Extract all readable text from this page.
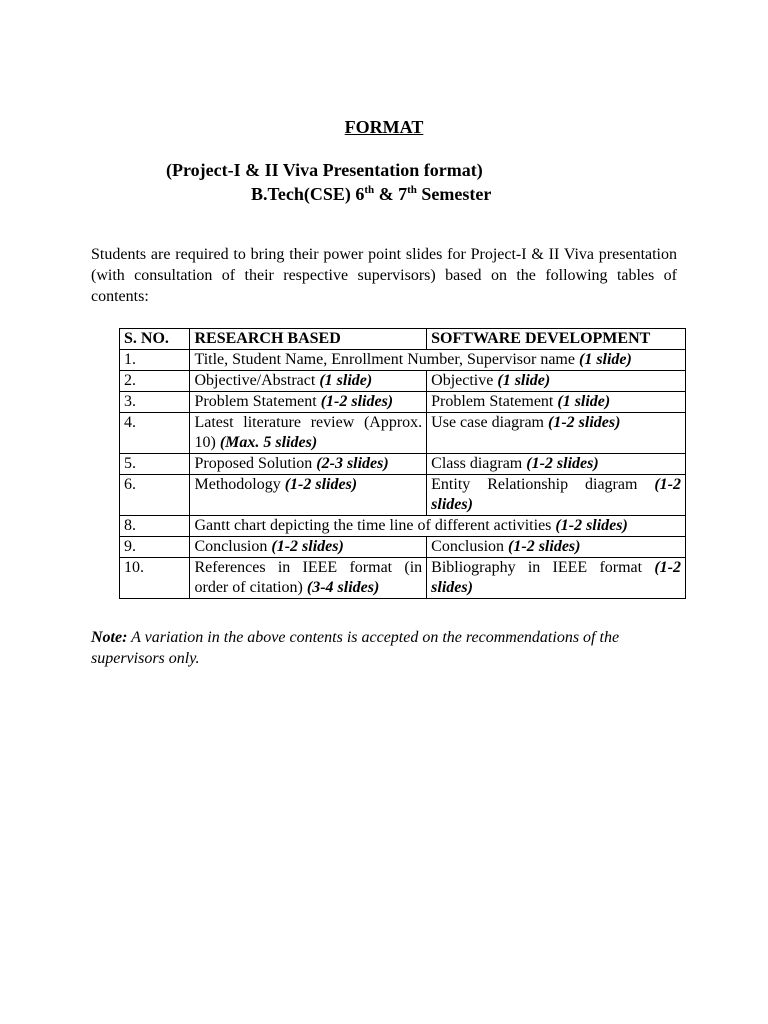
FORMAT
(Project-I & II Viva Presentation format)
B.Tech(CSE) 6th & 7th Semester
Students are required to bring their power point slides for Project-I & II Viva presentation (with consultation of their respective supervisors) based on the following tables of contents:
S. NO.	RESEARCH BASED	SOFTWARE DEVELOPMENT
1.	Title, Student Name, Enrollment Number, Supervisor name (1 slide)	
2.	Objective/Abstract (1 slide)	Objective (1 slide)
3.	Problem Statement (1-2 slides)	Problem Statement (1 slide)
4.	Latest literature review (Approx. 10) (Max. 5 slides)	Use case diagram (1-2 slides)
5.	Proposed Solution (2-3 slides)	Class diagram (1-2 slides)
6.	Methodology (1-2 slides)	Entity Relationship diagram (1-2 slides)
8.	Gantt chart depicting the time line of different activities (1-2 slides)	
9.	Conclusion (1-2 slides)	Conclusion (1-2 slides)
10.	References in IEEE format (in order of citation) (3-4 slides)	Bibliography in IEEE format (1-2 slides)
Note: A variation in the above contents is accepted on the recommendations of the supervisors only.
